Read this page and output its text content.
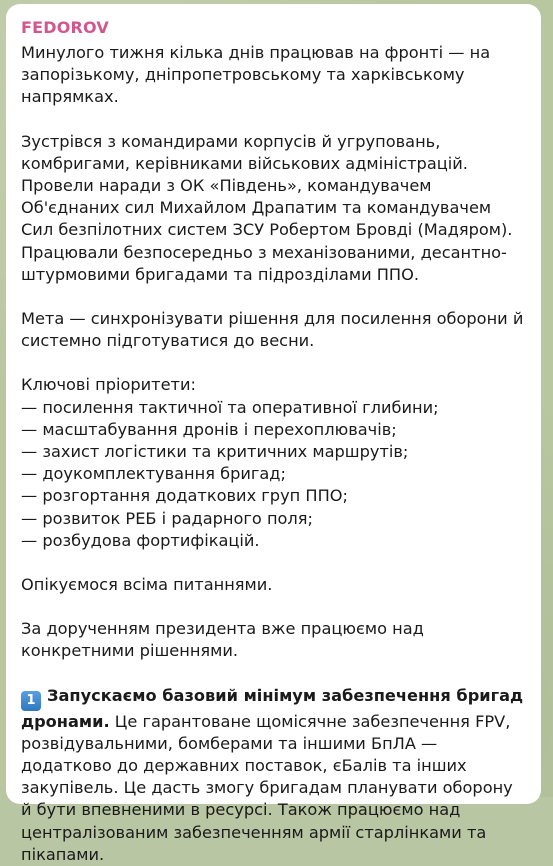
FEDOROV

Минулого тижня кілька днів працював на фронті — на запорізькому, дніпропетровському та харківському напрямках.

Зустрівся з командирами корпусів й угруповань, комбригами, керівниками військових адміністрацій. Провели наради з ОК «Південь», командувачем Об'єднаних сил Михайлом Драпатим та командувачем Сил безпілотних систем ЗСУ Робертом Бровді (Мадяром). Працювали безпосередньо з механізованими, десантно-штурмовими бригадами та підрозділами ППО.

Мета — синхронізувати рішення для посилення оборони й системно підготуватися до весни.

Ключові пріоритети:

— посилення тактичної та оперативної глибини;
— масштабування дронів і перехоплювачів;
— захист логістики та критичних маршрутів;
— доукомплектування бригад;
— розгортання додаткових груп ППО;
— розвиток РЕБ і радарного поля;
— розбудова фортифікацій.

Опікуємося всіма питаннями.

За дорученням президента вже працюємо над конкретними рішеннями.

1 Запускаємо базовий мінімум забезпечення бригад дронами. Це гарантоване щомісячне забезпечення FPV, розвідувальними, бомберами та іншими БпЛА — додатково до державних поставок, єБалів та інших закупівель. Це дасть змогу бригадам планувати оборону й бути впевненими в ресурсі. Також працюємо над централізованим забезпеченням армії старлінками та пікапами.
